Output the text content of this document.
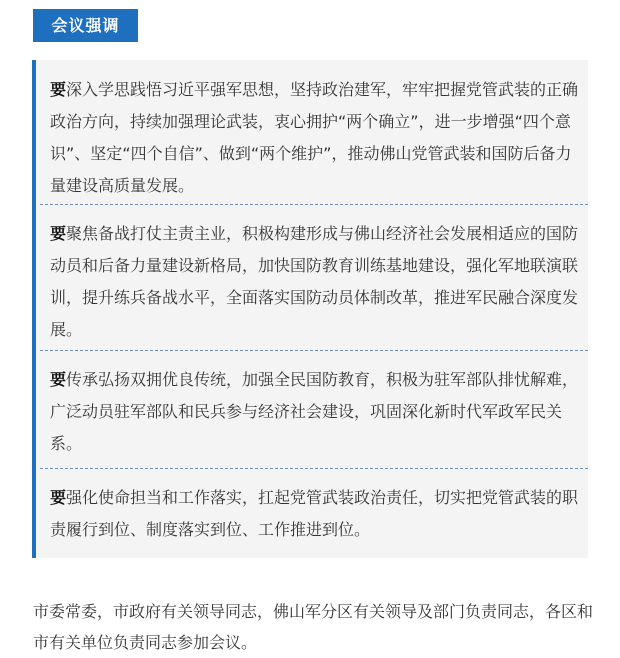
会议强调
要深入学思践悟习近平强军思想，坚持政治建军，牢牢把握党管武装的正确政治方向，持续加强理论武装，衷心拥护“两个确立”，进一步增强“四个意识”、坚定“四个自信”、做到“两个维护”，推动佛山党管武装和国防后备力量建设高质量发展。
要聚焦备战打仗主责主业，积极构建形成与佛山经济社会发展相适应的国防动员和后备力量建设新格局，加快国防教育训练基地建设，强化军地联演联训，提升练兵备战水平，全面落实国防动员体制改革，推进军民融合深度发展。
要传承弘扬双拥优良传统，加强全民国防教育，积极为驻军部队排忧解难，广泛动员驻军部队和民兵参与经济社会建设，巩固深化新时代军政军民关系。
要强化使命担当和工作落实，扛起党管武装政治责任，切实把党管武装的职责履行到位、制度落实到位、工作推进到位。
市委常委，市政府有关领导同志，佛山军分区有关领导及部门负责同志，各区和市有关单位负责同志参加会议。
